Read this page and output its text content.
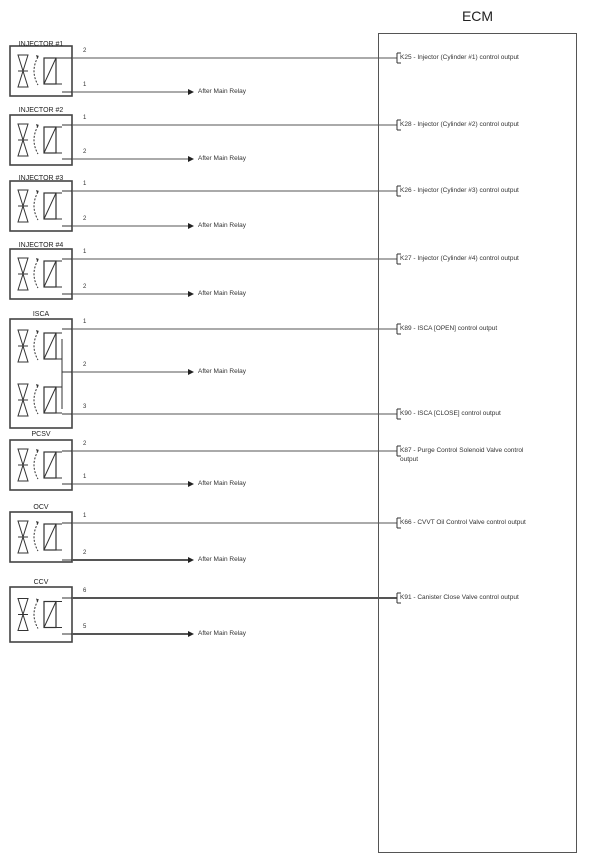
ECM
INJECTOR #1
2
K25 - Injector (Cylinder #1) control output
1
After Main Relay
INJECTOR #2
1
K28 - Injector (Cylinder #2) control output
2
After Main Relay
INJECTOR #3
1
K26 - Injector (Cylinder #3) control output
2
After Main Relay
INJECTOR #4
1
K27 - Injector (Cylinder #4) control output
2
After Main Relay
ISCA
1
K89 - ISCA [OPEN] control output
2
After Main Relay
3
K90 - ISCA [CLOSE] control output
PCSV
2
K87 - Purge Control Solenoid Valve control output
1
After Main Relay
OCV
1
K66 - CVVT Oil Control Valve control output
2
After Main Relay
CCV
6
K91 - Canister Close Valve control output
5
After Main Relay
